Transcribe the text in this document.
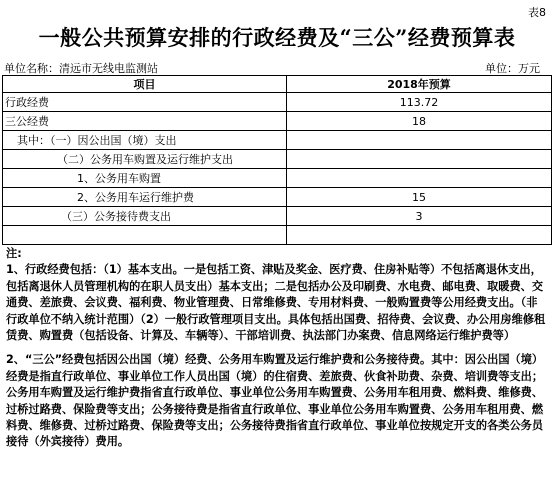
表8
一般公共预算安排的行政经费及“三公”经费预算表
单位名称：清远市无线电监测站	单位：万元
项目	2018年预算
行政经费	113.72
三公经费	18
其中：（一）因公出国（境）支出	
（二）公务用车购置及运行维护支出	
1、公务用车购置	
2、公务用车运行维护费	15
（三）公务接待费支出	3

注:

1、行政经费包括：（1）基本支出。一是包括工资、津贴及奖金、医疗费、住房补贴等）不包括离退休支出，包括离退休人员管理机构的在职人员支出）基本支出；二是包括办公及印刷费、水电费、邮电费、取暖费、交通费、差旅费、会议费、福利费、物业管理费、日常维修费、专用材料费、一般购置费等公用经费支出。（非行政单位不纳入统计范围）（2）一般行政管理项目支出。具体包括出国费、招待费、会议费、办公用房维修租赁费、购置费（包括设备、计算及、车辆等）、干部培训费、执法部门办案费、信息网络运行维护费等）

2、“三公”经费包括因公出国（境）经费、公务用车购置及运行维护费和公务接待费。其中：因公出国（境）经费是指直行政单位、事业单位工作人员出国（境）的住宿费、差旅费、伙食补助费、杂费、培训费等支出；公务用车购置及运行维护费指省直行政单位、事业单位公务用车购置费、公务用车租用费、燃料费、维修费、过桥过路费、保险费等支出；公务接待费是指省直行政单位、事业单位公务用车购置费、公务用车租用费、燃料费、维修费、过桥过路费、保险费等支出；公务接待费指省直行政单位、事业单位按规定开支的各类公务员接待（外宾接待）费用。
